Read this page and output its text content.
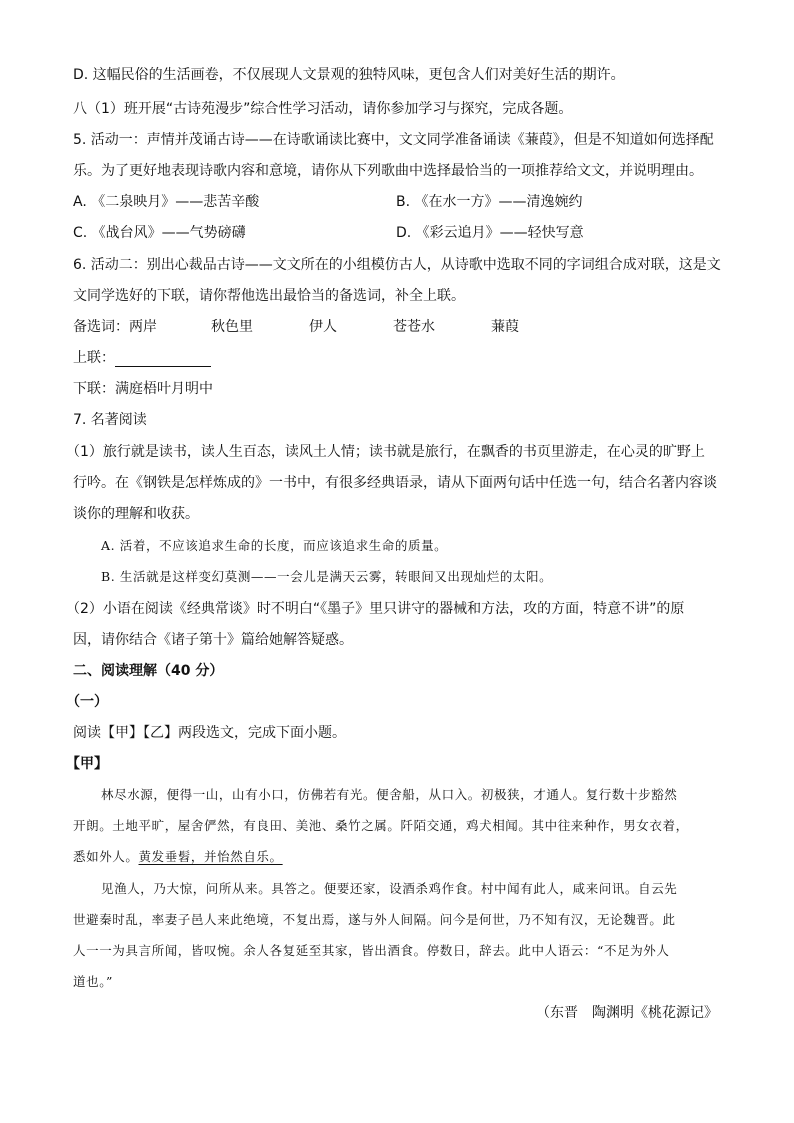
D. 这幅民俗的生活画卷，不仅展现人文景观的独特风味，更包含人们对美好生活的期许。
八（1）班开展“古诗苑漫步”综合性学习活动，请你参加学习与探究，完成各题。
5. 活动一：声情并茂诵古诗——在诗歌诵读比赛中，文文同学准备诵读《蒹葭》，但是不知道如何选择配
乐。为了更好地表现诗歌内容和意境，请你从下列歌曲中选择最恰当的一项推荐给文文，并说明理由。
A. 《二泉映月》——悲苦辛酸	B. 《在水一方》——清逸婉约
C. 《战台风》——气势磅礴	D. 《彩云追月》——轻快写意
6. 活动二：别出心裁品古诗——文文所在的小组模仿古人，从诗歌中选取不同的字词组合成对联，这是文
文同学选好的下联，请你帮他选出最恰当的备选词，补全上联。
备选词：两岸	秋色里	伊人	苍苍水	蒹葭
上联：
下联：满庭梧叶月明中
7. 名著阅读
（1）旅行就是读书，读人生百态，读风土人情；读书就是旅行，在飘香的书页里游走，在心灵的旷野上
行吟。在《钢铁是怎样炼成的》一书中，有很多经典语录，请从下面两句话中任选一句，结合名著内容谈
谈你的理解和收获。
A. 活着，不应该追求生命的长度，而应该追求生命的质量。
B. 生活就是这样变幻莫测——一会儿是满天云雾，转眼间又出现灿烂的太阳。
（2）小语在阅读《经典常谈》时不明白“《墨子》里只讲守的器械和方法，攻的方面，特意不讲”的原
因，请你结合《诸子第十》篇给她解答疑惑。
二、阅读理解（40 分）
（一）
阅读【甲】【乙】两段选文，完成下面小题。
【甲】
林尽水源，便得一山，山有小口，仿佛若有光。便舍船，从口入。初极狭，才通人。复行数十步豁然
开朗。土地平旷，屋舍俨然，有良田、美池、桑竹之属。阡陌交通，鸡犬相闻。其中往来种作，男女衣着，
悉如外人。黄发垂髫，并怡然自乐。
见渔人，乃大惊，问所从来。具答之。便要还家，设酒杀鸡作食。村中闻有此人，咸来问讯。自云先
世避秦时乱，率妻子邑人来此绝境，不复出焉，遂与外人间隔。问今是何世，乃不知有汉，无论魏晋。此
人一一为具言所闻，皆叹惋。余人各复延至其家，皆出酒食。停数日，辞去。此中人语云：“不足为外人
道也。”
（东晋　陶渊明《桃花源记》
